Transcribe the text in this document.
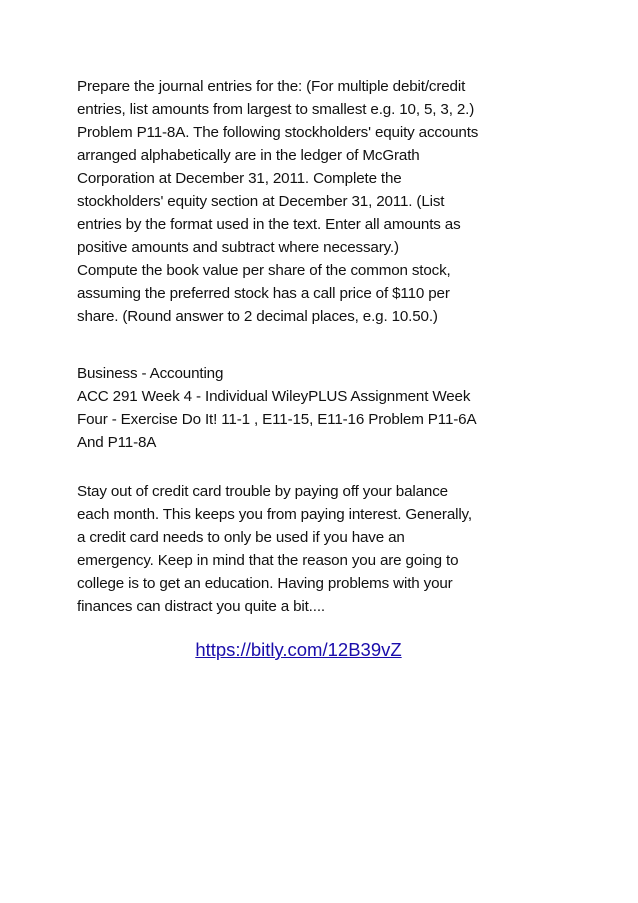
Prepare the journal entries for the: (For multiple debit/credit
entries, list amounts from largest to smallest e.g. 10, 5, 3, 2.)
Problem P11-8A. The following stockholders' equity accounts
arranged alphabetically are in the ledger of McGrath
Corporation at December 31, 2011. Complete the
stockholders' equity section at December 31, 2011. (List
entries by the format used in the text. Enter all amounts as
positive amounts and subtract where necessary.)
Compute the book value per share of the common stock,
assuming the preferred stock has a call price of $110 per
share. (Round answer to 2 decimal places, e.g. 10.50.)
Business - Accounting
ACC 291 Week 4 - Individual WileyPLUS Assignment Week
Four - Exercise Do It! 11-1 , E11-15, E11-16 Problem P11-6A
And P11-8A
Stay out of credit card trouble by paying off your balance
each month. This keeps you from paying interest. Generally,
a credit card needs to only be used if you have an
emergency. Keep in mind that the reason you are going to
college is to get an education. Having problems with your
finances can distract you quite a bit....
https://bitly.com/12B39vZ
